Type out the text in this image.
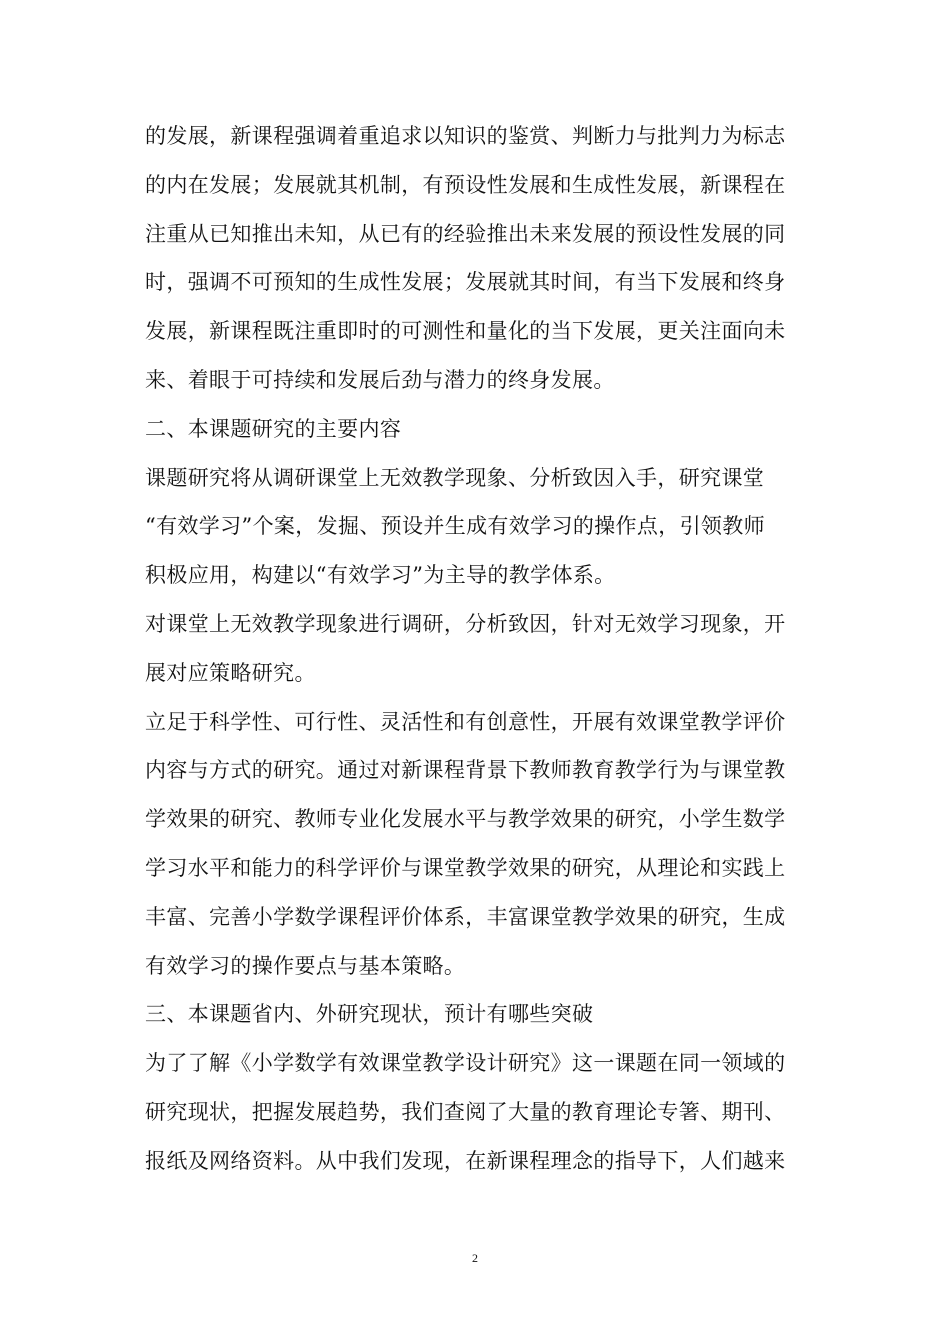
的发展，新课程强调着重追求以知识的鉴赏、判断力与批判力为标志
的内在发展；发展就其机制，有预设性发展和生成性发展，新课程在
注重从已知推出未知，从已有的经验推出未来发展的预设性发展的同
时，强调不可预知的生成性发展；发展就其时间，有当下发展和终身
发展，新课程既注重即时的可测性和量化的当下发展，更关注面向未
来、着眼于可持续和发展后劲与潜力的终身发展。
二、本课题研究的主要内容
课题研究将从调研课堂上无效教学现象、分析致因入手，研究课堂
“有效学习”个案，发掘、预设并生成有效学习的操作点，引领教师
积极应用，构建以“有效学习”为主导的教学体系。
对课堂上无效教学现象进行调研，分析致因，针对无效学习现象，开
展对应策略研究。
立足于科学性、可行性、灵活性和有创意性，开展有效课堂教学评价
内容与方式的研究。通过对新课程背景下教师教育教学行为与课堂教
学效果的研究、教师专业化发展水平与教学效果的研究，小学生数学
学习水平和能力的科学评价与课堂教学效果的研究，从理论和实践上
丰富、完善小学数学课程评价体系，丰富课堂教学效果的研究，生成
有效学习的操作要点与基本策略。
三、本课题省内、外研究现状，预计有哪些突破
为了了解《小学数学有效课堂教学设计研究》这一课题在同一领域的
研究现状，把握发展趋势，我们查阅了大量的教育理论专箸、期刊、
报纸及网络资料。从中我们发现，在新课程理念的指导下，人们越来
2
